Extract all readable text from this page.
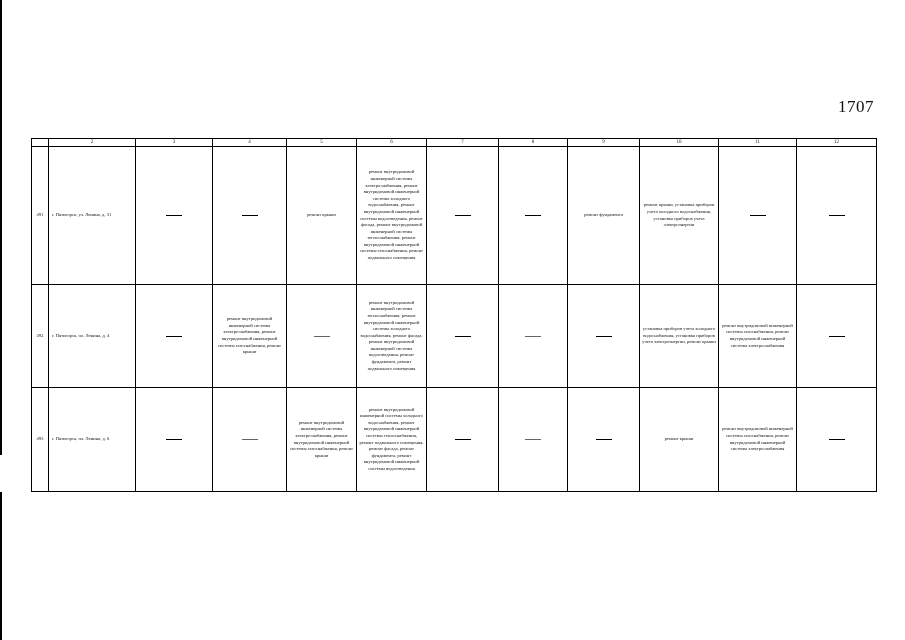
1707
	2	3	4	5	6	7	8	9	10	11	12
491	г. Пятигорск, ул. Ленина, д. 31			ремонт крыши	ремонт внутридомовой инженерной системы электроснабжения, ремонт внутридомовой инженерной системы холодного водоснабжения, ремонт внутридомовой инженерной системы водоотведения, ремонт фасада, ремонт внутридомовой инженерной системы теплоснабжения, ремонт внутридомовой инженерной системы газоснабжения, ремонт подвального помещения			ремонт фундамента	ремонт крыши, установка приборов учета холодного водоснабжения, установка приборов учета электроэнергии	

492	г. Пятигорск, пл. Ленина, д. 4		ремонт внутридомовой инженерной системы электроснабжения, ремонт внутридомовой инженерной системы газоснабжения, ремонт крыши		ремонт внутридомовой инженерной системы теплоснабжения, ремонт внутридомовой инженерной системы холодного водоснабжения, ремонт фасада, ремонт внутридомовой инженерной системы водоотведения, ремонт фундамента, ремонт подвального помещения				установка приборов учета холодного водоснабжения, установка приборов учета электроэнергии, ремонт крыши	ремонт внутридомовой инженерной системы газоснабжения, ремонт внутридомовой инженерной системы электроснабжения	

493	г. Пятигорск, пл. Ленина, д. 6			ремонт внутридомовой инженерной системы электроснабжения, ремонт внутридомовой инженерной системы газоснабжения, ремонт крыши	ремонт внутридомовой инженерной системы холодного водоснабжения, ремонт внутридомовой инженерной системы теплоснабжения, ремонт подвального помещения, ремонт фасада, ремонт фундамента, ремонт внутридомовой инженерной системы водоотведения				ремонт крыши	ремонт внутридомовой инженерной системы газоснабжения, ремонт внутридомовой инженерной системы электроснабжения	
